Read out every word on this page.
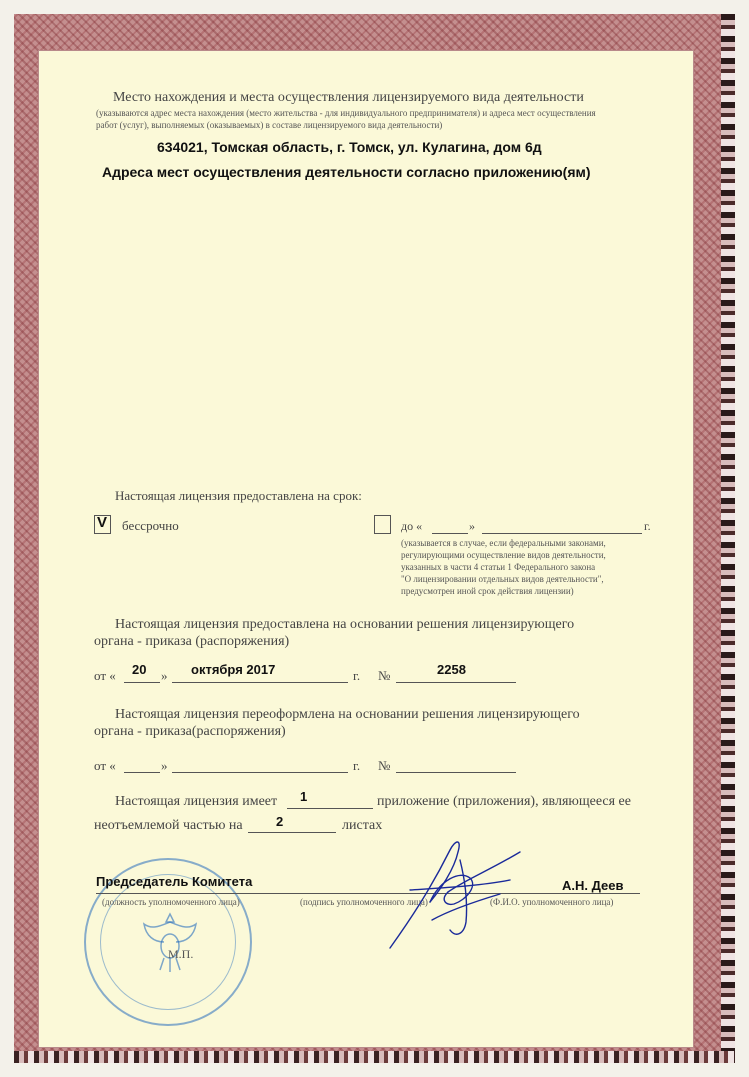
Место нахождения и места осуществления лицензируемого вида деятельности
(указываются адрес места нахождения (место жительства - для индивидуального предпринимателя) и адреса мест осуществления
работ (услуг), выполняемых (оказываемых) в составе лицензируемого вида деятельности)
634021, Томская область, г. Томск, ул. Кулагина, дом 6д
Адреса мест осуществления деятельности согласно приложению(ям)
Настоящая лицензия предоставлена на срок:
V бессрочно	до «	»	г.
(указывается в случае, если федеральными законами,
регулирующими осуществление видов деятельности,
указанных в части 4 статьи 1 Федерального закона
"О лицензировании отдельных видов деятельности",
предусмотрен иной срок действия лицензии)
Настоящая лицензия предоставлена на основании решения лицензирующего
органа - приказа (распоряжения)
от « 20 » октября 2017	г. №	2258
Настоящая лицензия переоформлена на основании решения лицензирующего
органа - приказа(распоряжения)
от «	»	г. №
Настоящая лицензия имеет 1	приложение (приложения), являющееся ее
неотъемлемой частью на	2	листах
М.П.
Председатель Комитета	А.Н. Деев
(должность уполномоченного лица)	(подпись уполномоченного лица)	(Ф.И.О. уполномоченного лица)
